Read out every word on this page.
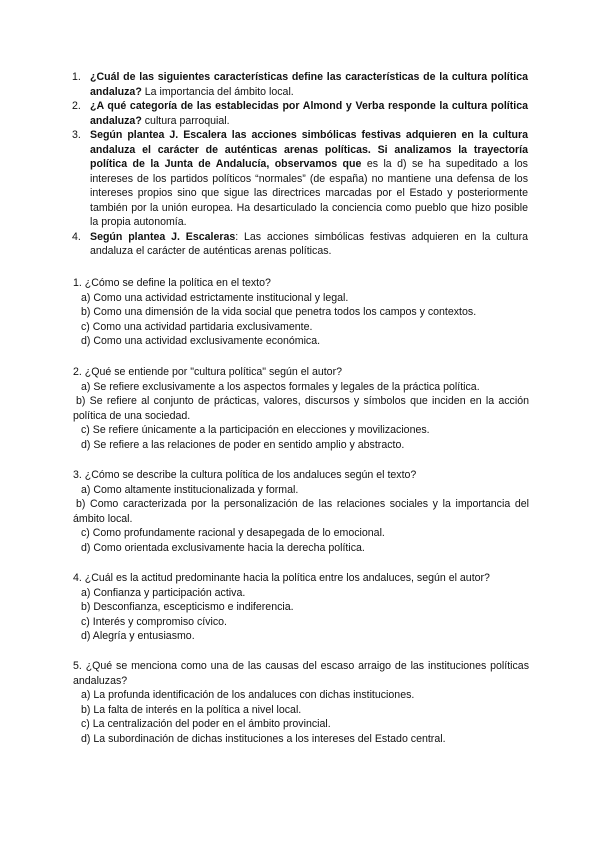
1. ¿Cuál de las siguientes características define las características de la cultura política andaluza? La importancia del ámbito local.
2. ¿A qué categoría de las establecidas por Almond y Verba responde la cultura política andaluza? cultura parroquial.
3. Según plantea J. Escalera las acciones simbólicas festivas adquieren en la cultura andaluza el carácter de auténticas arenas políticas. Si analizamos la trayectoría política de la Junta de Andalucía, observamos que es la d) se ha supeditado a los intereses de los partidos políticos “normales” (de españa) no mantiene una defensa de los intereses propios sino que sigue las directrices marcadas por el Estado y posteriormente también por la unión europea. Ha desarticulado la conciencia como pueblo que hizo posible la propia autonomía.
4. Según plantea J. Escaleras: Las acciones simbólicas festivas adquieren en la cultura andaluza el carácter de auténticas arenas políticas.

1. ¿Cómo se define la política en el texto?

a) Como una actividad estrictamente institucional y legal.

b) Como una dimensión de la vida social que penetra todos los campos y contextos.

c) Como una actividad partidaria exclusivamente.

d) Como una actividad exclusivamente económica.

2. ¿Qué se entiende por "cultura política" según el autor?

a) Se refiere exclusivamente a los aspectos formales y legales de la práctica política.

b) Se refiere al conjunto de prácticas, valores, discursos y símbolos que inciden en la acción política de una sociedad.

c) Se refiere únicamente a la participación en elecciones y movilizaciones.

d) Se refiere a las relaciones de poder en sentido amplio y abstracto.

3. ¿Cómo se describe la cultura política de los andaluces según el texto?

a) Como altamente institucionalizada y formal.

b) Como caracterizada por la personalización de las relaciones sociales y la importancia del ámbito local.

c) Como profundamente racional y desapegada de lo emocional.

d) Como orientada exclusivamente hacia la derecha política.

4. ¿Cuál es la actitud predominante hacia la política entre los andaluces, según el autor?

a) Confianza y participación activa.

b) Desconfianza, escepticismo e indiferencia.

c) Interés y compromiso cívico.

d) Alegría y entusiasmo.

5. ¿Qué se menciona como una de las causas del escaso arraigo de las instituciones políticas andaluzas?

a) La profunda identificación de los andaluces con dichas instituciones.

b) La falta de interés en la política a nivel local.

c) La centralización del poder en el ámbito provincial.

d) La subordinación de dichas instituciones a los intereses del Estado central.
